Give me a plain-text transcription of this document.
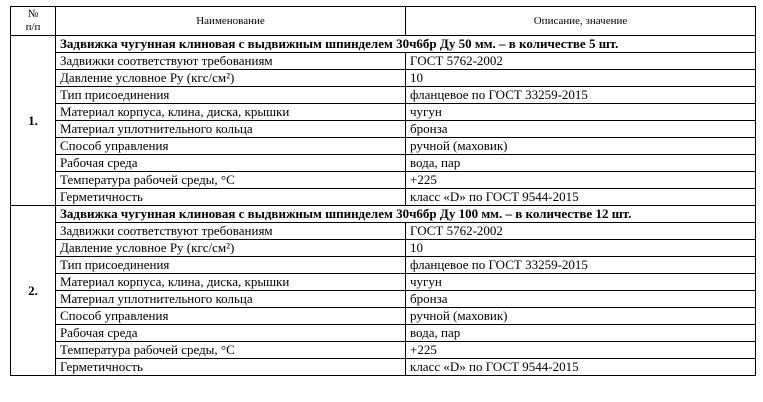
№
п/п	Наименование	Описание, значение
1.	Задвижка чугунная клиновая с выдвижным шпинделем 30ч6бр Ду 50 мм. – в количестве 5 шт.	
	Задвижки соответствуют требованиям	ГОСТ 5762-2002
	Давление условное Ру (кгс/см²)	10
	Тип присоединения	фланцевое по ГОСТ 33259-2015
	Материал корпуса, клина, диска, крышки	чугун
	Материал уплотнительного кольца	бронза
	Способ управления	ручной (маховик)
	Рабочая среда	вода, пар
	Температура рабочей среды, °С	+225
	Герметичность	класс «D» по ГОСТ 9544-2015
2.	Задвижка чугунная клиновая с выдвижным шпинделем 30ч6бр Ду 100 мм. – в количестве 12 шт.	
	Задвижки соответствуют требованиям	ГОСТ 5762-2002
	Давление условное Ру (кгс/см²)	10
	Тип присоединения	фланцевое по ГОСТ 33259-2015
	Материал корпуса, клина, диска, крышки	чугун
	Материал уплотнительного кольца	бронза
	Способ управления	ручной (маховик)
	Рабочая среда	вода, пар
	Температура рабочей среды, °С	+225
	Герметичность	класс «D» по ГОСТ 9544-2015
